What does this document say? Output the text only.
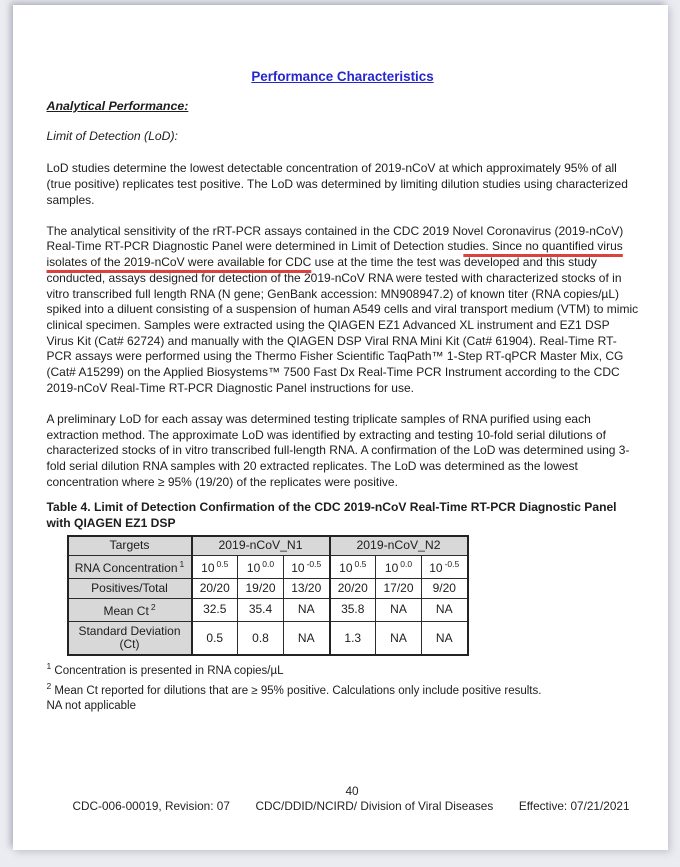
Performance Characteristics
Analytical Performance:
Limit of Detection (LoD):

LoD studies determine the lowest detectable concentration of 2019-nCoV at which approximately 95% of all (true positive) replicates test positive. The LoD was determined by limiting dilution studies using characterized samples.

The analytical sensitivity of the rRT-PCR assays contained in the CDC 2019 Novel Coronavirus (2019-nCoV) Real-Time RT-PCR Diagnostic Panel were determined in Limit of Detection studies. Since no quantified virus isolates of the 2019-nCoV were available for CDC use at the time the test was developed and this study conducted, assays designed for detection of the 2019-nCoV RNA were tested with characterized stocks of in vitro transcribed full length RNA (N gene; GenBank accession: MN908947.2) of known titer (RNA copies/µL) spiked into a diluent consisting of a suspension of human A549 cells and viral transport medium (VTM) to mimic clinical specimen. Samples were extracted using the QIAGEN EZ1 Advanced XL instrument and EZ1 DSP Virus Kit (Cat# 62724) and manually with the QIAGEN DSP Viral RNA Mini Kit (Cat# 61904). Real-Time RT-PCR assays were performed using the Thermo Fisher Scientific TaqPath™ 1-Step RT-qPCR Master Mix, CG (Cat# A15299) on the Applied Biosystems™ 7500 Fast Dx Real-Time PCR Instrument according to the CDC 2019-nCoV Real-Time RT-PCR Diagnostic Panel instructions for use.

A preliminary LoD for each assay was determined testing triplicate samples of RNA purified using each extraction method. The approximate LoD was identified by extracting and testing 10-fold serial dilutions of characterized stocks of in vitro transcribed full-length RNA. A confirmation of the LoD was determined using 3-fold serial dilution RNA samples with 20 extracted replicates. The LoD was determined as the lowest concentration where ≥ 95% (19/20) of the replicates were positive.

Table 4. Limit of Detection Confirmation of the CDC 2019-nCoV Real-Time RT-PCR Diagnostic Panel with QIAGEN EZ1 DSP
Targets	2019-nCoV_N1			2019-nCoV_N2		
RNA Concentration $^1$	10 $^{0.5}$	10 $^{0.0}$	10 $^{-0.5}$	10 $^{0.5}$	10 $^{0.0}$	10 $^{-0.5}$
Positives/Total	20/20	19/20	13/20	20/20	17/20	9/20
Mean Ct $^2$	32.5	35.4	NA	35.8	NA	NA
Standard Deviation
(Ct)	0.5	0.8	NA	1.3	NA	NA
$^1$ Concentration is presented in RNA copies/µL
$^2$ Mean Ct reported for dilutions that are ≥ 95% positive. Calculations only include positive results.
NA not applicable
40
CDC-006-00019, Revision: 07 CDC/DDID/NCIRD/ Division of Viral Diseases Effective: 07/21/2021
